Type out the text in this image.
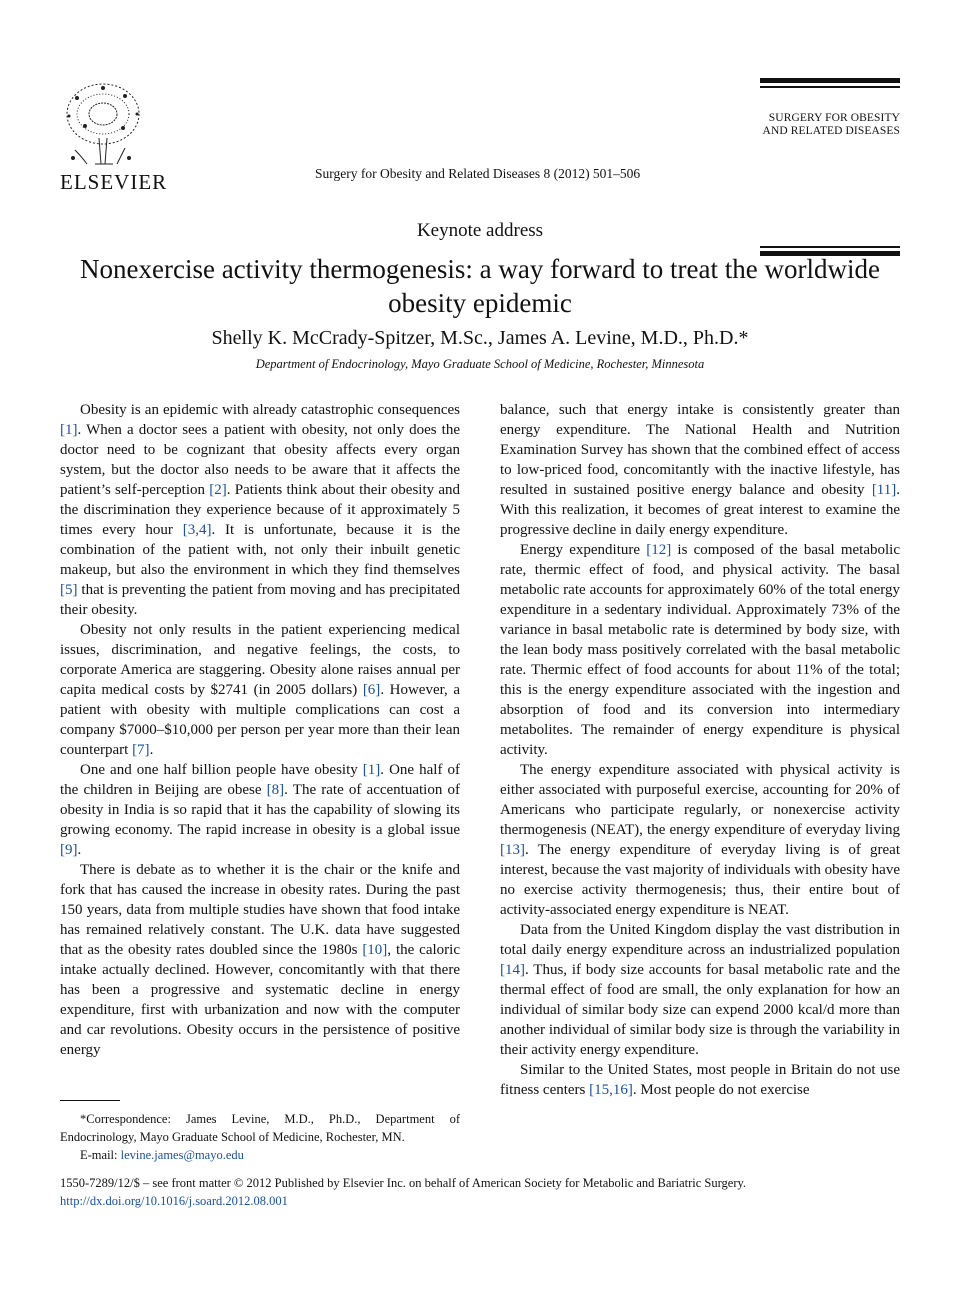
ELSEVIER	Surgery for Obesity and Related Diseases 8 (2012) 501–506
SURGERY FOR OBESITY
AND RELATED DISEASES
Keynote address
Nonexercise activity thermogenesis: a way forward to treat the worldwide obesity epidemic
Shelly K. McCrady-Spitzer, M.Sc., James A. Levine, M.D., Ph.D.*
Department of Endocrinology, Mayo Graduate School of Medicine, Rochester, Minnesota

Obesity is an epidemic with already catastrophic consequences [1]. When a doctor sees a patient with obesity, not only does the doctor need to be cognizant that obesity affects every organ system, but the doctor also needs to be aware that it affects the patient’s self-perception [2]. Patients think about their obesity and the discrimination they experience because of it approximately 5 times every hour [3,4]. It is unfortunate, because it is the combination of the patient with, not only their inbuilt genetic makeup, but also the environment in which they find themselves [5] that is preventing the patient from moving and has precipitated their obesity.

Obesity not only results in the patient experiencing medical issues, discrimination, and negative feelings, the costs, to corporate America are staggering. Obesity alone raises annual per capita medical costs by $2741 (in 2005 dollars) [6]. However, a patient with obesity with multiple complications can cost a company $7000–$10,000 per person per year more than their lean counterpart [7].

One and one half billion people have obesity [1]. One half of the children in Beijing are obese [8]. The rate of accentuation of obesity in India is so rapid that it has the capability of slowing its growing economy. The rapid increase in obesity is a global issue [9].

There is debate as to whether it is the chair or the knife and fork that has caused the increase in obesity rates. During the past 150 years, data from multiple studies have shown that food intake has remained relatively constant. The U.K. data have suggested that as the obesity rates doubled since the 1980s [10], the caloric intake actually declined. However, concomitantly with that there has been a progressive and systematic decline in energy expenditure, first with urbanization and now with the computer and car revolutions. Obesity occurs in the persistence of positive energy

balance, such that energy intake is consistently greater than energy expenditure. The National Health and Nutrition Examination Survey has shown that the combined effect of access to low-priced food, concomitantly with the inactive lifestyle, has resulted in sustained positive energy balance and obesity [11]. With this realization, it becomes of great interest to examine the progressive decline in daily energy expenditure.

Energy expenditure [12] is composed of the basal metabolic rate, thermic effect of food, and physical activity. The basal metabolic rate accounts for approximately 60% of the total energy expenditure in a sedentary individual. Approximately 73% of the variance in basal metabolic rate is determined by body size, with the lean body mass positively correlated with the basal metabolic rate. Thermic effect of food accounts for about 11% of the total; this is the energy expenditure associated with the ingestion and absorption of food and its conversion into intermediary metabolites. The remainder of energy expenditure is physical activity.

The energy expenditure associated with physical activity is either associated with purposeful exercise, accounting for 20% of Americans who participate regularly, or nonexercise activity thermogenesis (NEAT), the energy expenditure of everyday living [13]. The energy expenditure of everyday living is of great interest, because the vast majority of individuals with obesity have no exercise activity thermogenesis; thus, their entire bout of activity-associated energy expenditure is NEAT.

Data from the United Kingdom display the vast distribution in total daily energy expenditure across an industrialized population [14]. Thus, if body size accounts for basal metabolic rate and the thermal effect of food are small, the only explanation for how an individual of similar body size can expend 2000 kcal/d more than another individual of similar body size is through the variability in their activity energy expenditure.

Similar to the United States, most people in Britain do not use fitness centers [15,16]. Most people do not exercise

*Correspondence: James Levine, M.D., Ph.D., Department of Endocrinology, Mayo Graduate School of Medicine, Rochester, MN.

E-mail: levine.james@mayo.edu

1550-7289/12/$ – see front matter © 2012 Published by Elsevier Inc. on behalf of American Society for Metabolic and Bariatric Surgery.
http://dx.doi.org/10.1016/j.soard.2012.08.001
